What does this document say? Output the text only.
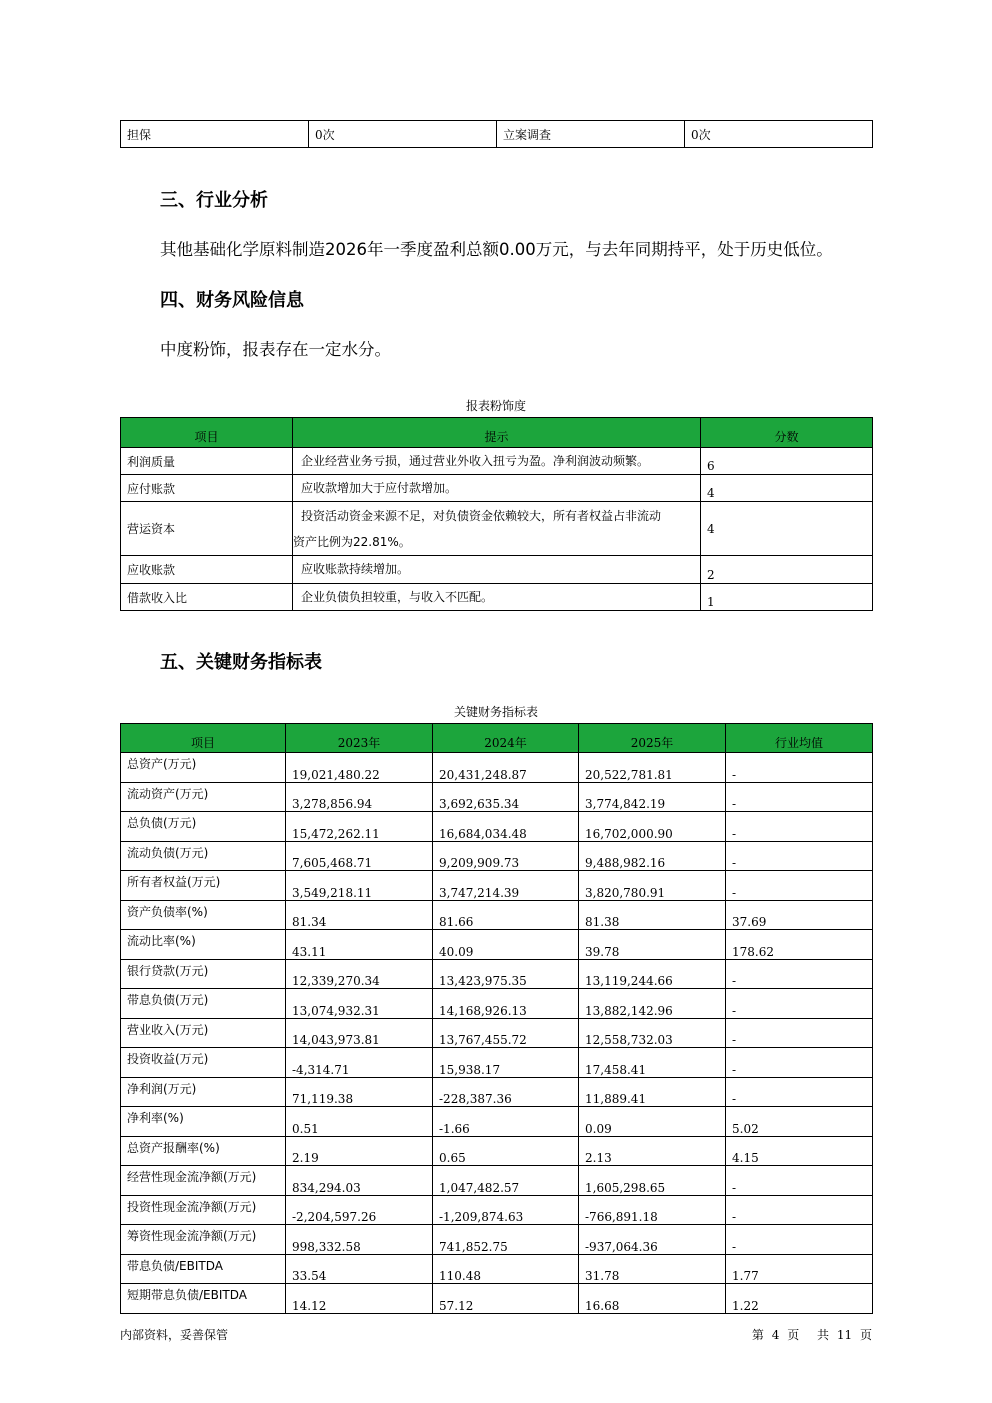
担保	0次	立案调查	0次
三、行业分析
其他基础化学原料制造2026年一季度盈利总额0.00万元，与去年同期持平，处于历史低位。
四、财务风险信息
中度粉饰，报表存在一定水分。
报表粉饰度
项目	提示	分数
利润质量	企业经营业务亏损，通过营业外收入扭亏为盈。净利润波动频繁。	6
应付账款	应收款增加大于应付款增加。	4
营运资本	投资活动资金来源不足，对负债资金依赖较大，所有者权益占非流动
资产比例为22.81%。	4
应收账款	应收账款持续增加。	2
借款收入比	企业负债负担较重，与收入不匹配。	1
五、关键财务指标表
关键财务指标表
项目	2023年	2024年	2025年	行业均值
总资产(万元)	19,021,480.22	20,431,248.87	20,522,781.81	-
流动资产(万元)	3,278,856.94	3,692,635.34	3,774,842.19	-
总负债(万元)	15,472,262.11	16,684,034.48	16,702,000.90	-
流动负债(万元)	7,605,468.71	9,209,909.73	9,488,982.16	-
所有者权益(万元)	3,549,218.11	3,747,214.39	3,820,780.91	-
资产负债率(%)	81.34	81.66	81.38	37.69
流动比率(%)	43.11	40.09	39.78	178.62
银行贷款(万元)	12,339,270.34	13,423,975.35	13,119,244.66	-
带息负债(万元)	13,074,932.31	14,168,926.13	13,882,142.96	-
营业收入(万元)	14,043,973.81	13,767,455.72	12,558,732.03	-
投资收益(万元)	-4,314.71	15,938.17	17,458.41	-
净利润(万元)	71,119.38	-228,387.36	11,889.41	-
净利率(%)	0.51	-1.66	0.09	5.02
总资产报酬率(%)	2.19	0.65	2.13	4.15
经营性现金流净额(万元)	834,294.03	1,047,482.57	1,605,298.65	-
投资性现金流净额(万元)	-2,204,597.26	-1,209,874.63	-766,891.18	-
筹资性现金流净额(万元)	998,332.58	741,852.75	-937,064.36	-
带息负债/EBITDA	33.54	110.48	31.78	1.77
短期带息负债/EBITDA	14.12	57.12	16.68	1.22
内部资料，妥善保管	第 4 页 共 11 页
